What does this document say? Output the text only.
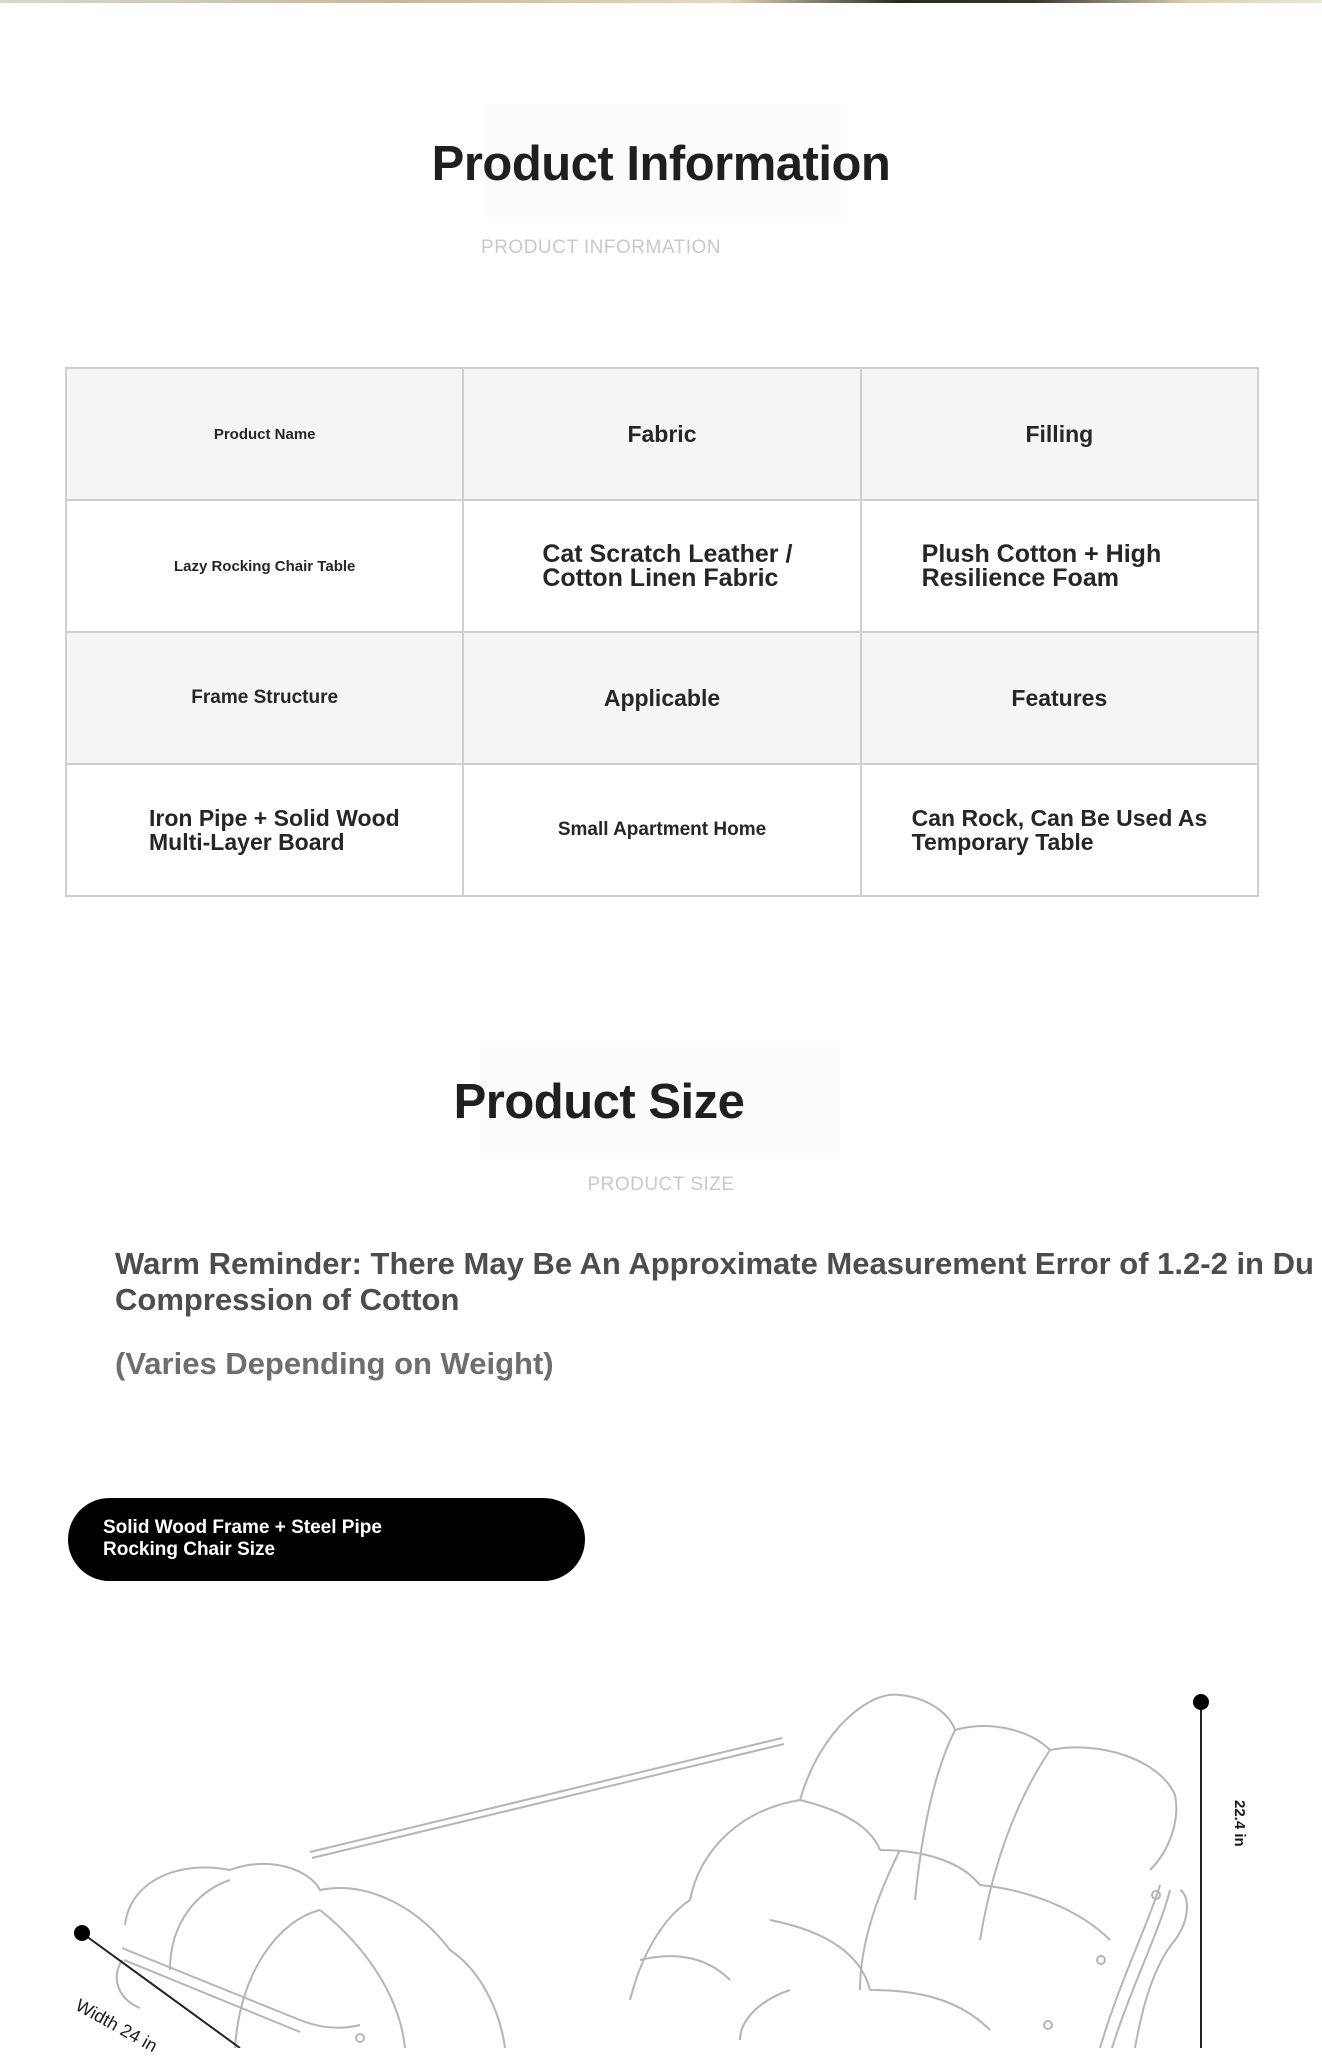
Product Information

PRODUCT INFORMATION

Product Name	Fabric	Filling
Lazy Rocking Chair Table	Cat Scratch Leather / Cotton Linen Fabric	Plush Cotton + High Resilience Foam
Frame Structure	Applicable	Features
Iron Pipe + Solid Wood Multi-Layer Board	Small Apartment Home	Can Rock, Can Be Used As Temporary Table
Product Size

PRODUCT SIZE

Warm Reminder: There May Be An Approximate Measurement Error of 1.2-2 in Du
Compression of Cotton
(Varies Depending on Weight)
Solid Wood Frame + Steel Pipe
Rocking Chair Size
22.4 in
Width 24 in
